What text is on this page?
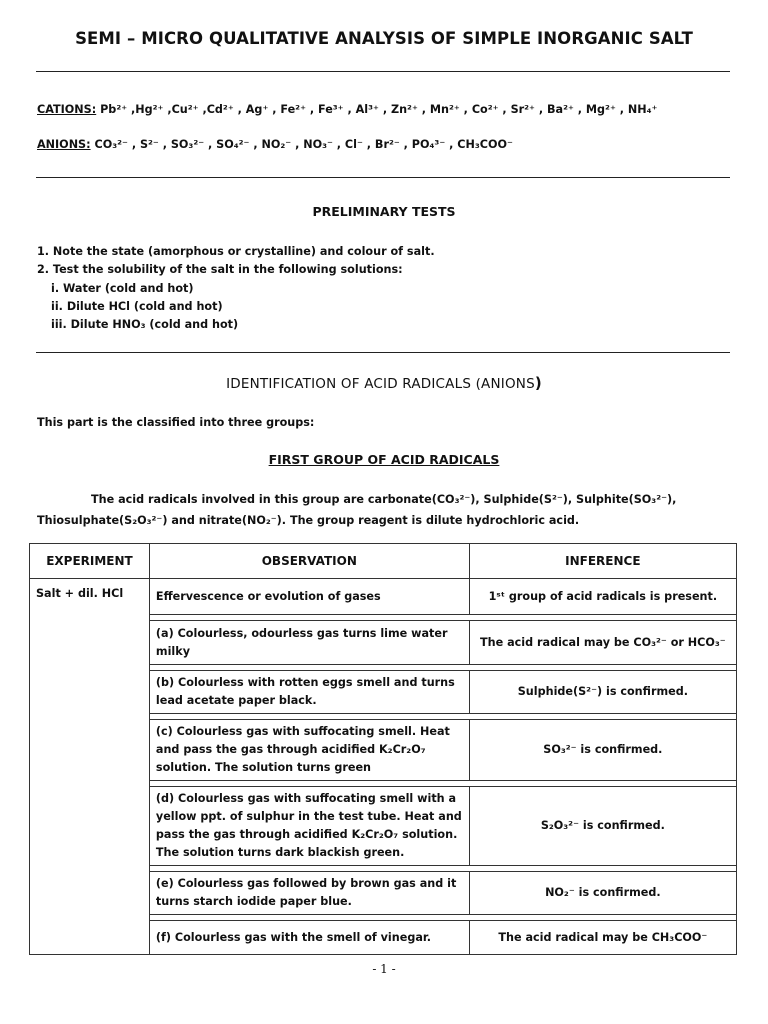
SEMI – MICRO QUALITATIVE ANALYSIS OF SIMPLE INORGANIC SALT
CATIONS: Pb²⁺ ,Hg²⁺ ,Cu²⁺ ,Cd²⁺ , Ag⁺ , Fe²⁺ , Fe³⁺ , Al³⁺ , Zn²⁺ , Mn²⁺ , Co²⁺ , Sr²⁺ , Ba²⁺ , Mg²⁺ , NH₄⁺
ANIONS: CO₃²⁻ , S²⁻ , SO₃²⁻ , SO₄²⁻ , NO₂⁻ , NO₃⁻ , Cl⁻ , Br²⁻ , PO₄³⁻ , CH₃COO⁻
PRELIMINARY TESTS
1. Note the state (amorphous or crystalline) and colour of salt.
2. Test the solubility of the salt in the following solutions:
i. Water (cold and hot)
ii. Dilute HCl (cold and hot)
iii. Dilute HNO₃ (cold and hot)
IDENTIFICATION OF ACID RADICALS (ANIONS)
This part is the classified into three groups:
FIRST GROUP OF ACID RADICALS
The acid radicals involved in this group are carbonate(CO₃²⁻), Sulphide(S²⁻), Sulphite(SO₃²⁻), Thiosulphate(S₂O₃²⁻) and nitrate(NO₂⁻). The group reagent is dilute hydrochloric acid.
EXPERIMENT	OBSERVATION	INFERENCE
Salt + dil. HCl	Effervescence or evolution of gases	1ˢᵗ group of acid radicals is present.

	(a) Colourless, odourless gas turns lime water milky	The acid radical may be CO₃²⁻ or HCO₃⁻

	(b) Colourless with rotten eggs smell and turns lead acetate paper black.	Sulphide(S²⁻) is confirmed.

	(c) Colourless gas with suffocating smell. Heat and pass the gas through acidified K₂Cr₂O₇ solution. The solution turns green	SO₃²⁻ is confirmed.

	(d) Colourless gas with suffocating smell with a yellow ppt. of sulphur in the test tube. Heat and pass the gas through acidified K₂Cr₂O₇ solution. The solution turns dark blackish green.	S₂O₃²⁻ is confirmed.

	(e) Colourless gas followed by brown gas and it turns starch iodide paper blue.	NO₂⁻ is confirmed.

	(f) Colourless gas with the smell of vinegar.	The acid radical may be CH₃COO⁻
- 1 -
